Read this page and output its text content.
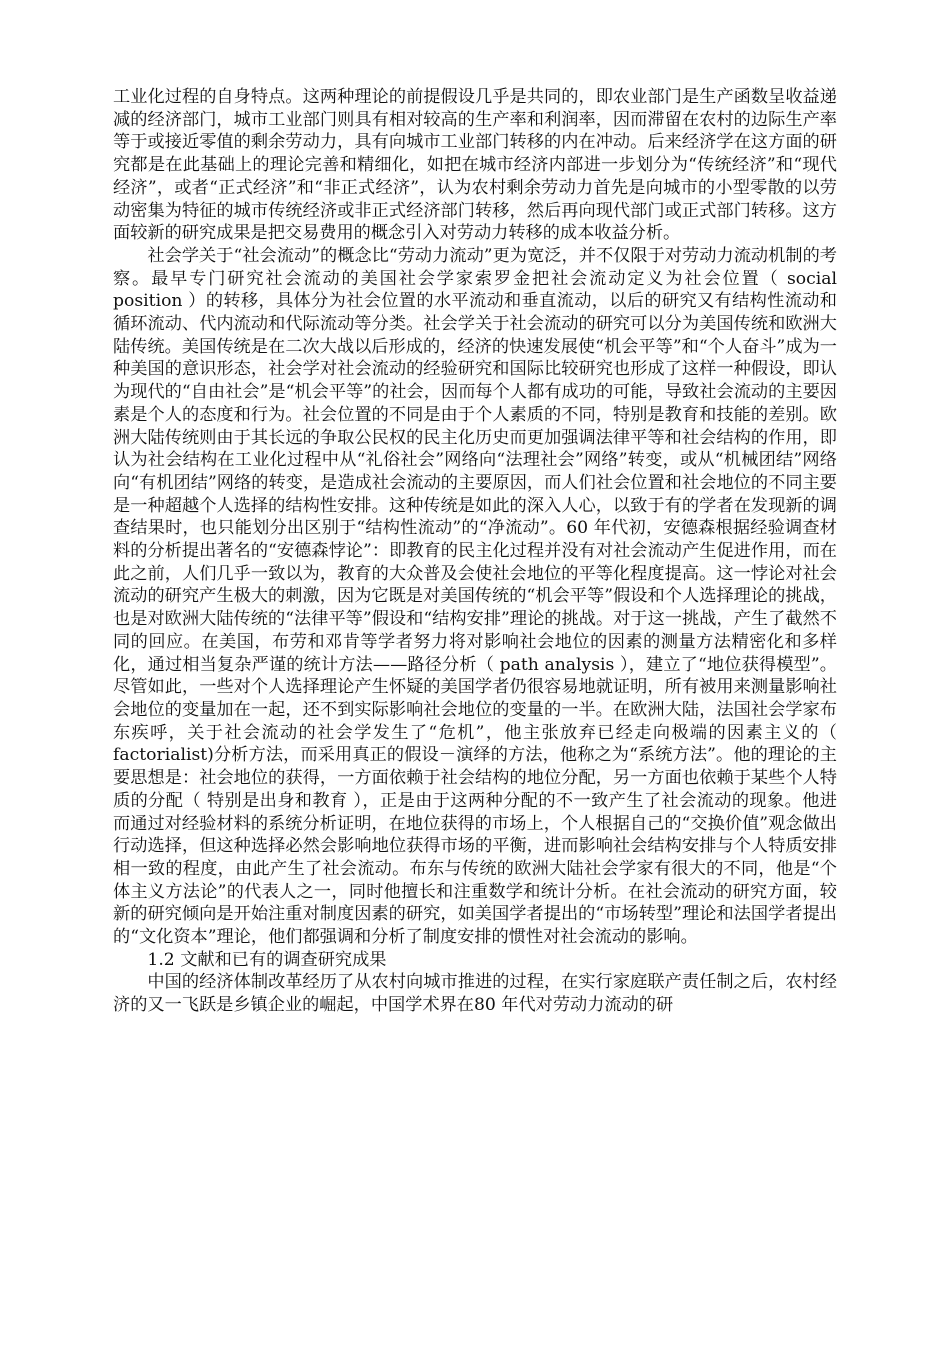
工业化过程的自身特点。这两种理论的前提假设几乎是共同的，即农业部门是生产函数呈收益递减的经济部门，城市工业部门则具有相对较高的生产率和利润率，因而滞留在农村的边际生产率等于或接近零值的剩余劳动力，具有向城市工业部门转移的内在冲动。后来经济学在这方面的研究都是在此基础上的理论完善和精细化，如把在城市经济内部进一步划分为“传统经济”和“现代经济”，或者“正式经济”和“非正式经济”，认为农村剩余劳动力首先是向城市的小型零散的以劳动密集为特征的城市传统经济或非正式经济部门转移，然后再向现代部门或正式部门转移。这方面较新的研究成果是把交易费用的概念引入对劳动力转移的成本收益分析。

社会学关于“社会流动”的概念比“劳动力流动”更为宽泛，并不仅限于对劳动力流动机制的考察。最早专门研究社会流动的美国社会学家索罗金把社会流动定义为社会位置（ social position ）的转移，具体分为社会位置的水平流动和垂直流动，以后的研究又有结构性流动和循环流动、代内流动和代际流动等分类。社会学关于社会流动的研究可以分为美国传统和欧洲大陆传统。美国传统是在二次大战以后形成的，经济的快速发展使“机会平等”和“个人奋斗”成为一种美国的意识形态，社会学对社会流动的经验研究和国际比较研究也形成了这样一种假设，即认为现代的“自由社会”是“机会平等”的社会，因而每个人都有成功的可能，导致社会流动的主要因素是个人的态度和行为。社会位置的不同是由于个人素质的不同，特别是教育和技能的差别。欧洲大陆传统则由于其长远的争取公民权的民主化历史而更加强调法律平等和社会结构的作用，即认为社会结构在工业化过程中从“礼俗社会”网络向“法理社会”网络”转变，或从“机械团结”网络向“有机团结”网络的转变，是造成社会流动的主要原因，而人们社会位置和社会地位的不同主要是一种超越个人选择的结构性安排。这种传统是如此的深入人心，以致于有的学者在发现新的调查结果时，也只能划分出区别于“结构性流动”的“净流动”。60 年代初，安德森根据经验调查材料的分析提出著名的“安德森悖论”：即教育的民主化过程并没有对社会流动产生促进作用，而在此之前，人们几乎一致以为，教育的大众普及会使社会地位的平等化程度提高。这一悖论对社会流动的研究产生极大的刺激，因为它既是对美国传统的“机会平等”假设和个人选择理论的挑战，也是对欧洲大陆传统的“法律平等”假设和“结构安排”理论的挑战。对于这一挑战，产生了截然不同的回应。在美国，布劳和邓肯等学者努力将对影响社会地位的因素的测量方法精密化和多样化，通过相当复杂严谨的统计方法——路径分析（ path analysis ），建立了“地位获得模型”。尽管如此，一些对个人选择理论产生怀疑的美国学者仍很容易地就证明，所有被用来测量影响社会地位的变量加在一起，还不到实际影响社会地位的变量的一半。在欧洲大陆，法国社会学家布东疾呼，关于社会流动的社会学发生了“危机”，他主张放弃已经走向极端的因素主义的（ factorialist)分析方法，而采用真正的假设－演绎的方法，他称之为“系统方法”。他的理论的主要思想是：社会地位的获得，一方面依赖于社会结构的地位分配，另一方面也依赖于某些个人特质的分配（ 特别是出身和教育 ），正是由于这两种分配的不一致产生了社会流动的现象。他进而通过对经验材料的系统分析证明，在地位获得的市场上，个人根据自己的“交换价值”观念做出行动选择，但这种选择必然会影响地位获得市场的平衡，进而影响社会结构安排与个人特质安排相一致的程度，由此产生了社会流动。布东与传统的欧洲大陆社会学家有很大的不同，他是“个体主义方法论”的代表人之一，同时他擅长和注重数学和统计分析。在社会流动的研究方面，较新的研究倾向是开始注重对制度因素的研究，如美国学者提出的“市场转型”理论和法国学者提出的“文化资本”理论，他们都强调和分析了制度安排的惯性对社会流动的影响。

1.2 文献和已有的调查研究成果

中国的经济体制改革经历了从农村向城市推进的过程，在实行家庭联产责任制之后，农村经济的又一飞跃是乡镇企业的崛起，中国学术界在80 年代对劳动力流动的研
